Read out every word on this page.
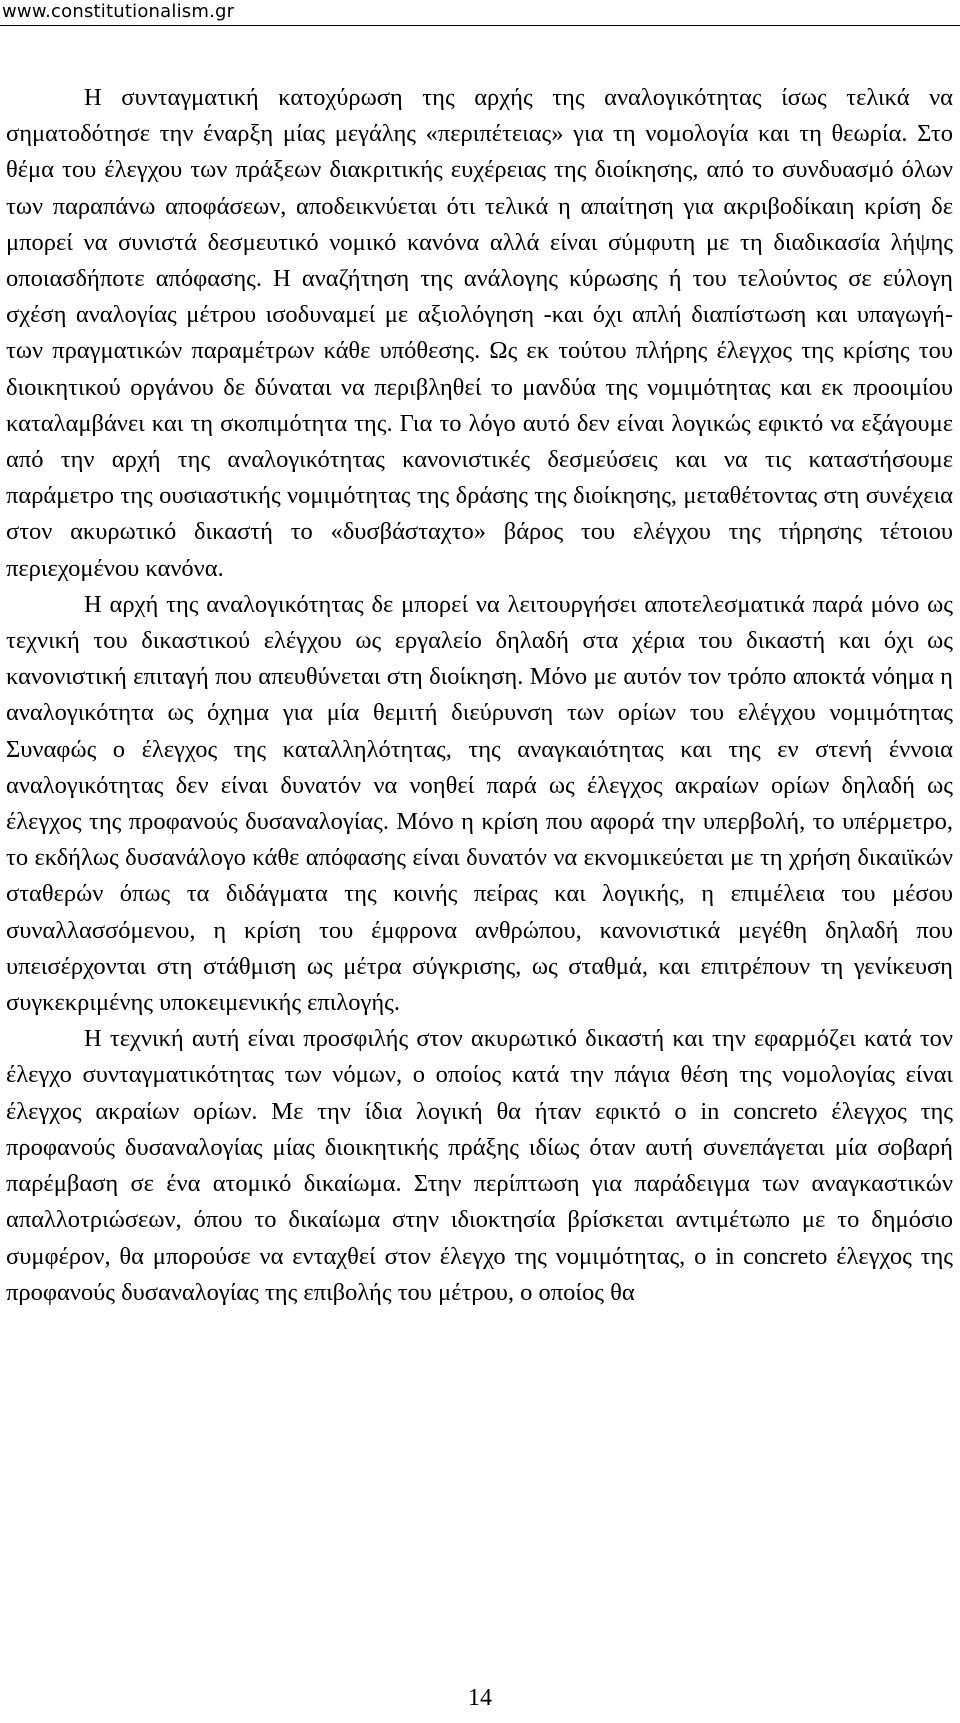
www.constitutionalism.gr

Η συνταγματική κατοχύρωση της αρχής της αναλογικότητας ίσως τελικά να σηματοδότησε την έναρξη μίας μεγάλης «περιπέτειας» για τη νομολογία και τη θεωρία. Στο θέμα του έλεγχου των πράξεων διακριτικής ευχέρειας της διοίκησης, από το συνδυασμό όλων των παραπάνω αποφάσεων, αποδεικνύεται ότι τελικά η απαίτηση για ακριβοδίκαιη κρίση δε μπορεί να συνιστά δεσμευτικό νομικό κανόνα αλλά είναι σύμφυτη με τη διαδικασία λήψης οποιασδήποτε απόφασης. Η αναζήτηση της ανάλογης κύρωσης ή του τελούντος σε εύλογη σχέση αναλογίας μέτρου ισοδυναμεί με αξιολόγηση -και όχι απλή διαπίστωση και υπαγωγή- των πραγματικών παραμέτρων κάθε υπόθεσης. Ως εκ τούτου πλήρης έλεγχος της κρίσης του διοικητικού οργάνου δε δύναται να περιβληθεί το μανδύα της νομιμότητας και εκ προοιμίου καταλαμβάνει και τη σκοπιμότητα της. Για το λόγο αυτό δεν είναι λογικώς εφικτό να εξάγουμε από την αρχή της αναλογικότητας κανονιστικές δεσμεύσεις και να τις καταστήσουμε παράμετρο της ουσιαστικής νομιμότητας της δράσης της διοίκησης, μεταθέτοντας στη συνέχεια στον ακυρωτικό δικαστή το «δυσβάσταχτο» βάρος του ελέγχου της τήρησης τέτοιου περιεχομένου κανόνα.

Η αρχή της αναλογικότητας δε μπορεί να λειτουργήσει αποτελεσματικά παρά μόνο ως τεχνική του δικαστικού ελέγχου ως εργαλείο δηλαδή στα χέρια του δικαστή και όχι ως κανονιστική επιταγή που απευθύνεται στη διοίκηση. Μόνο με αυτόν τον τρόπο αποκτά νόημα η αναλογικότητα ως όχημα για μία θεμιτή διεύρυνση των ορίων του ελέγχου νομιμότητας Συναφώς ο έλεγχος της καταλληλότητας, της αναγκαιότητας και της εν στενή έννοια αναλογικότητας δεν είναι δυνατόν να νοηθεί παρά ως έλεγχος ακραίων ορίων δηλαδή ως έλεγχος της προφανούς δυσαναλογίας. Μόνο η κρίση που αφορά την υπερβολή, το υπέρμετρο, το εκδήλως δυσανάλογο κάθε απόφασης είναι δυνατόν να εκνομικεύεται με τη χρήση δικαιϊκών σταθερών όπως τα διδάγματα της κοινής πείρας και λογικής, η επιμέλεια του μέσου συναλλασσόμενου, η κρίση του έμφρονα ανθρώπου, κανονιστικά μεγέθη δηλαδή που υπεισέρχονται στη στάθμιση ως μέτρα σύγκρισης, ως σταθμά, και επιτρέπουν τη γενίκευση συγκεκριμένης υποκειμενικής επιλογής.

Η τεχνική αυτή είναι προσφιλής στον ακυρωτικό δικαστή και την εφαρμόζει κατά τον έλεγχο συνταγματικότητας των νόμων, ο οποίος κατά την πάγια θέση της νομολογίας είναι έλεγχος ακραίων ορίων. Με την ίδια λογική θα ήταν εφικτό ο in concreto έλεγχος της προφανούς δυσαναλογίας μίας διοικητικής πράξης ιδίως όταν αυτή συνεπάγεται μία σοβαρή παρέμβαση σε ένα ατομικό δικαίωμα. Στην περίπτωση για παράδειγμα των αναγκαστικών απαλλοτριώσεων, όπου το δικαίωμα στην ιδιοκτησία βρίσκεται αντιμέτωπο με το δημόσιο συμφέρον, θα μπορούσε να ενταχθεί στον έλεγχο της νομιμότητας, ο in concreto έλεγχος της προφανούς δυσαναλογίας της επιβολής του μέτρου, ο οποίος θα

14
